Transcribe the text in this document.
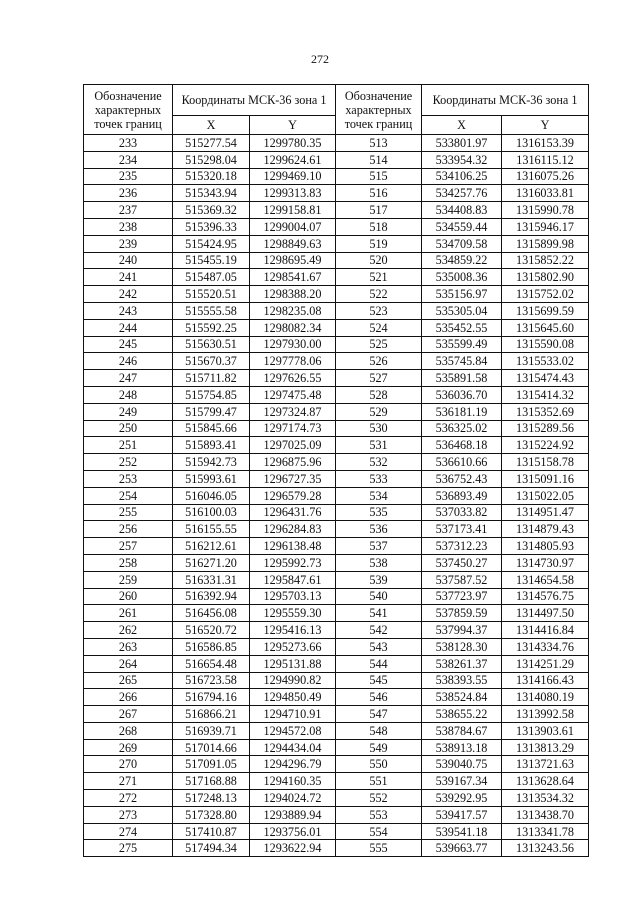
272
Обозначение характерных точек границ	Координаты МСК-36 зона 1		Обозначение характерных точек границ	Координаты МСК-36 зона 1	
	X	Y		X	Y
233	515277.54	1299780.35	513	533801.97	1316153.39
234	515298.04	1299624.61	514	533954.32	1316115.12
235	515320.18	1299469.10	515	534106.25	1316075.26
236	515343.94	1299313.83	516	534257.76	1316033.81
237	515369.32	1299158.81	517	534408.83	1315990.78
238	515396.33	1299004.07	518	534559.44	1315946.17
239	515424.95	1298849.63	519	534709.58	1315899.98
240	515455.19	1298695.49	520	534859.22	1315852.22
241	515487.05	1298541.67	521	535008.36	1315802.90
242	515520.51	1298388.20	522	535156.97	1315752.02
243	515555.58	1298235.08	523	535305.04	1315699.59
244	515592.25	1298082.34	524	535452.55	1315645.60
245	515630.51	1297930.00	525	535599.49	1315590.08
246	515670.37	1297778.06	526	535745.84	1315533.02
247	515711.82	1297626.55	527	535891.58	1315474.43
248	515754.85	1297475.48	528	536036.70	1315414.32
249	515799.47	1297324.87	529	536181.19	1315352.69
250	515845.66	1297174.73	530	536325.02	1315289.56
251	515893.41	1297025.09	531	536468.18	1315224.92
252	515942.73	1296875.96	532	536610.66	1315158.78
253	515993.61	1296727.35	533	536752.43	1315091.16
254	516046.05	1296579.28	534	536893.49	1315022.05
255	516100.03	1296431.76	535	537033.82	1314951.47
256	516155.55	1296284.83	536	537173.41	1314879.43
257	516212.61	1296138.48	537	537312.23	1314805.93
258	516271.20	1295992.73	538	537450.27	1314730.97
259	516331.31	1295847.61	539	537587.52	1314654.58
260	516392.94	1295703.13	540	537723.97	1314576.75
261	516456.08	1295559.30	541	537859.59	1314497.50
262	516520.72	1295416.13	542	537994.37	1314416.84
263	516586.85	1295273.66	543	538128.30	1314334.76
264	516654.48	1295131.88	544	538261.37	1314251.29
265	516723.58	1294990.82	545	538393.55	1314166.43
266	516794.16	1294850.49	546	538524.84	1314080.19
267	516866.21	1294710.91	547	538655.22	1313992.58
268	516939.71	1294572.08	548	538784.67	1313903.61
269	517014.66	1294434.04	549	538913.18	1313813.29
270	517091.05	1294296.79	550	539040.75	1313721.63
271	517168.88	1294160.35	551	539167.34	1313628.64
272	517248.13	1294024.72	552	539292.95	1313534.32
273	517328.80	1293889.94	553	539417.57	1313438.70
274	517410.87	1293756.01	554	539541.18	1313341.78
275	517494.34	1293622.94	555	539663.77	1313243.56
